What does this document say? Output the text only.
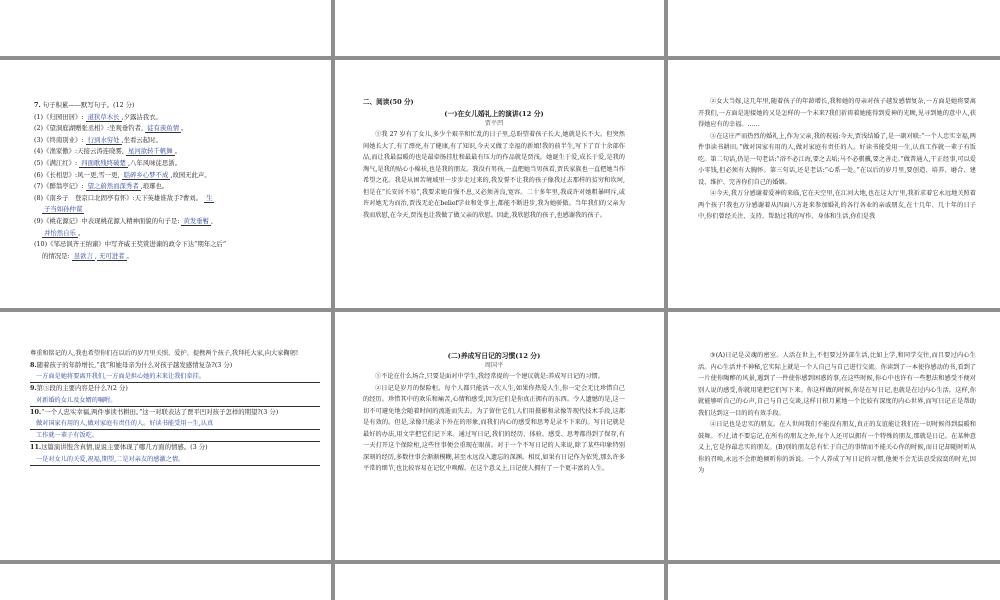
7. 句子积累——默写句子。(12 分)

(1)《归园田居》: 道狭草木长 ,夕露沾我衣。

(2)《望洞庭湖赠张丞相》:坐观垂钓者, 徒有羡鱼情 。

(3)《终南别业》: 行到水穷处 ,坐看云起时。

(4)《渔家傲》:天接云涛连晓雾, 星河欲转千帆舞 。

(5)《满江红》: 四面歌残终破楚 ,八年风味徒思浙。

(6)《长相思》:风一更,雪一更, 聒碎乡心梦不成 ,故园无此声。

(7)《醉翁亭记》: 望之蔚然而深秀者 ,琅琊也。

(8)《南乡子　登京口北固亭有怀》:天下英雄谁敌手?曹刘。 生

子当如孙仲谋

(9)《桃花源记》中表现桃花源人精神面貌的句子是: 黄发垂髫 ,

并怡然自乐 。

(10)《邹忌讽齐王纳谏》中写齐威王奖赏进谏的政令下达“期年之后”

的情况是: 虽欲言 , 无可进者 。

二、阅读(50 分)

(一)在女儿婚礼上的演讲(12 分)

贾平凹

①我 27 岁有了女儿,多少个艰辛和忙乱的日子里,总盼望着孩子长大,她就是长不大。但突然间她长大了,有了漂亮,有了健康,有了知识,今天又做了幸福的新娘!我的前半生,写下了百十余部作品,而让我最温暖的也是最牵肠挂肚和最最有压力的作品就是贾浅。她诞生于爱,成长于爱,是我的淘气,是我的贴心小棉袄,也是我的朋友。我没有男孩,一直把她当男孩看,贾氏家族也一直把她当作希望之花。我是从困苦境域里一步步走过来的,我发誓不让我的孩子像我过去那样的贫穷和坎坷,但是在“长安居不易”,我要求她自强不息,又必须善良,宽容。二十多年里,我或许对她粗暴呵斥,或许对她无为而治,贾浅无论在belief学业和处事上,都能不断进步,我为她骄傲。当年我们的父亲为我而欣慰,在今天,贾浅也让我做了做父亲的欣慰。因此,我欣慰我的孩子,也感谢我的孩子。

②女大当嫁,这几年里,随着孩子的年龄增长,我和她的母亲对孩子越发感情复杂,一方面是她将要离开我们,一方面是迎接她的又是怎样的一个未来?我们祈祷着她能得到爱神的光顾,见寻到她的意中人,获得她应有的幸福。……

③在这庄严而热烈的婚礼上,作为父亲,我的祝福:今天,贾浅结婚了,是一副对联:“一个人忠实幸福,两件事读书耕田。”做对国家有用的人,做对家庭有责任的人。好读书能受用一生,认真工作就一辈子有饭吃。第二句话,仍是一句老话:“浴不必江海,要之去垢;马不必骐骥,要之善走。”做普通人,干正经事,可以爱小零钱,但必须有大胸怀。第三句话,还是老话:“心系一处。”在以后的岁月里,要创造、培养、磨合、建设、维护、完善你们自己的婚姻。

④今天,我万分感谢着爱神的来临,它在天空里,在江河大地,也在这大厅里,我祈求着它永远地关照着两个孩子!我也万分感谢着从四面八方赶来参加婚礼的各行各业的亲戚朋友,在十几年、几十年的日子中,你们曾经关注、支持、帮助过我的写作、身体和生活,你们是我

尊重和铭记的人,我也希望你们在以后的岁月里关照、爱护、提携两个孩子,我拜托大家,向大家鞠躬!

8.随着孩子的年龄增长,“我”和她母亲为什么对孩子越发感情复杂?(3 分)

一方面是她将要离开我们,一方面是担心她的未来让我们牵挂。

9.第③段的主要内容是什么?(2 分)

对新婚的女儿及女婿的嘱咐。

10.“一个人忠实幸福,两件事读书耕田。”这一对联表达了贾平凹对孩子怎样的期望?(3 分)

做对国家有用的人,做对家庭有责任的人。好读书能受用一生,认真
工作就一辈子有饭吃。

11.这篇演讲饱含真情,说说主要体现了哪几方面的情感。(3 分)

一是对女儿的关爱,祝福,期望,二是对亲友的感激之情。

(二)养成写日记的习惯(12 分)

周国平

①不论在什么场合,只要是面对中学生,我经常提的一个建议就是:养成写日记的习惯。

②日记是岁月的保险柜。每个人都只能活一次人生,如果你热爱人生,你一定会无比珍惜自己的经历。珍惜其中的欢乐和痛苦,心情和感受,因为它们是你真正拥有的东西。令人遗憾的是,这一切不可避免地会随着时间的流逝而失去。为了留住它们,人们用摄影和录像等现代技术手段,这都是有效的。但是,录像只能录下外在的形象,而我们内心的感受和思考是录不下来的。写日记就是最好的办法,用文字把它们记下来。通过写日记,我们的经历、体验、感受、思考都得到了保存,有一天打开这个保险柜,这些往事便会重现在眼前。对于一个不写日记的人来说,除了某些印象特别深刻的经历,多数往事会渐渐模糊,甚至永远没入遗忘的深渊。相反,如果有日记作为依凭,那么许多平常的细节,也比较容易在记忆中唤醒。在这个意义上,日记使人拥有了一个更丰富的人生。

③(A)日记是灵魂的密室。人活在世上,不但要过外部生活,比如上学,和同学交往,而且要过内心生活。内心生活并不神秘,它实际上就是一个人自己与自己进行交流。你读到了一本使你感动的书,看到了一片使你陶醉的风景,遇到了一件使你感到困惑的事,在这些时候,你心中也许有一些想法和感受不便对别人说的感受,你就用笔把它们写下来。你这样做的时候,你是在写日记,也就是在过内心生活。这样,你就能够听自己的心声,自己与自己交谈,这样日积月累地一个比较有深度的内心世界,而写日记正是帮助我们达到这一目的的有效手段。

④日记也是忠实的朋友。在人世间我们不能没有朋友,真正的友谊能让我们在一切时候得到温暖和鼓舞。不过,请不要忘记,在所有的朋友之外,每个人还可以拥有一个特殊的朋友,那就是日记。在某种意义上,它是你最忠实的朋友。(B)别的朋友总有忙于自己的事情而不能关心你的时候,而日记却随时听从你的召唤,永远不会拒绝倾听你的诉说。一个人养成了写日记的习惯,他便不会无法忍受寂寞的时光,因为
